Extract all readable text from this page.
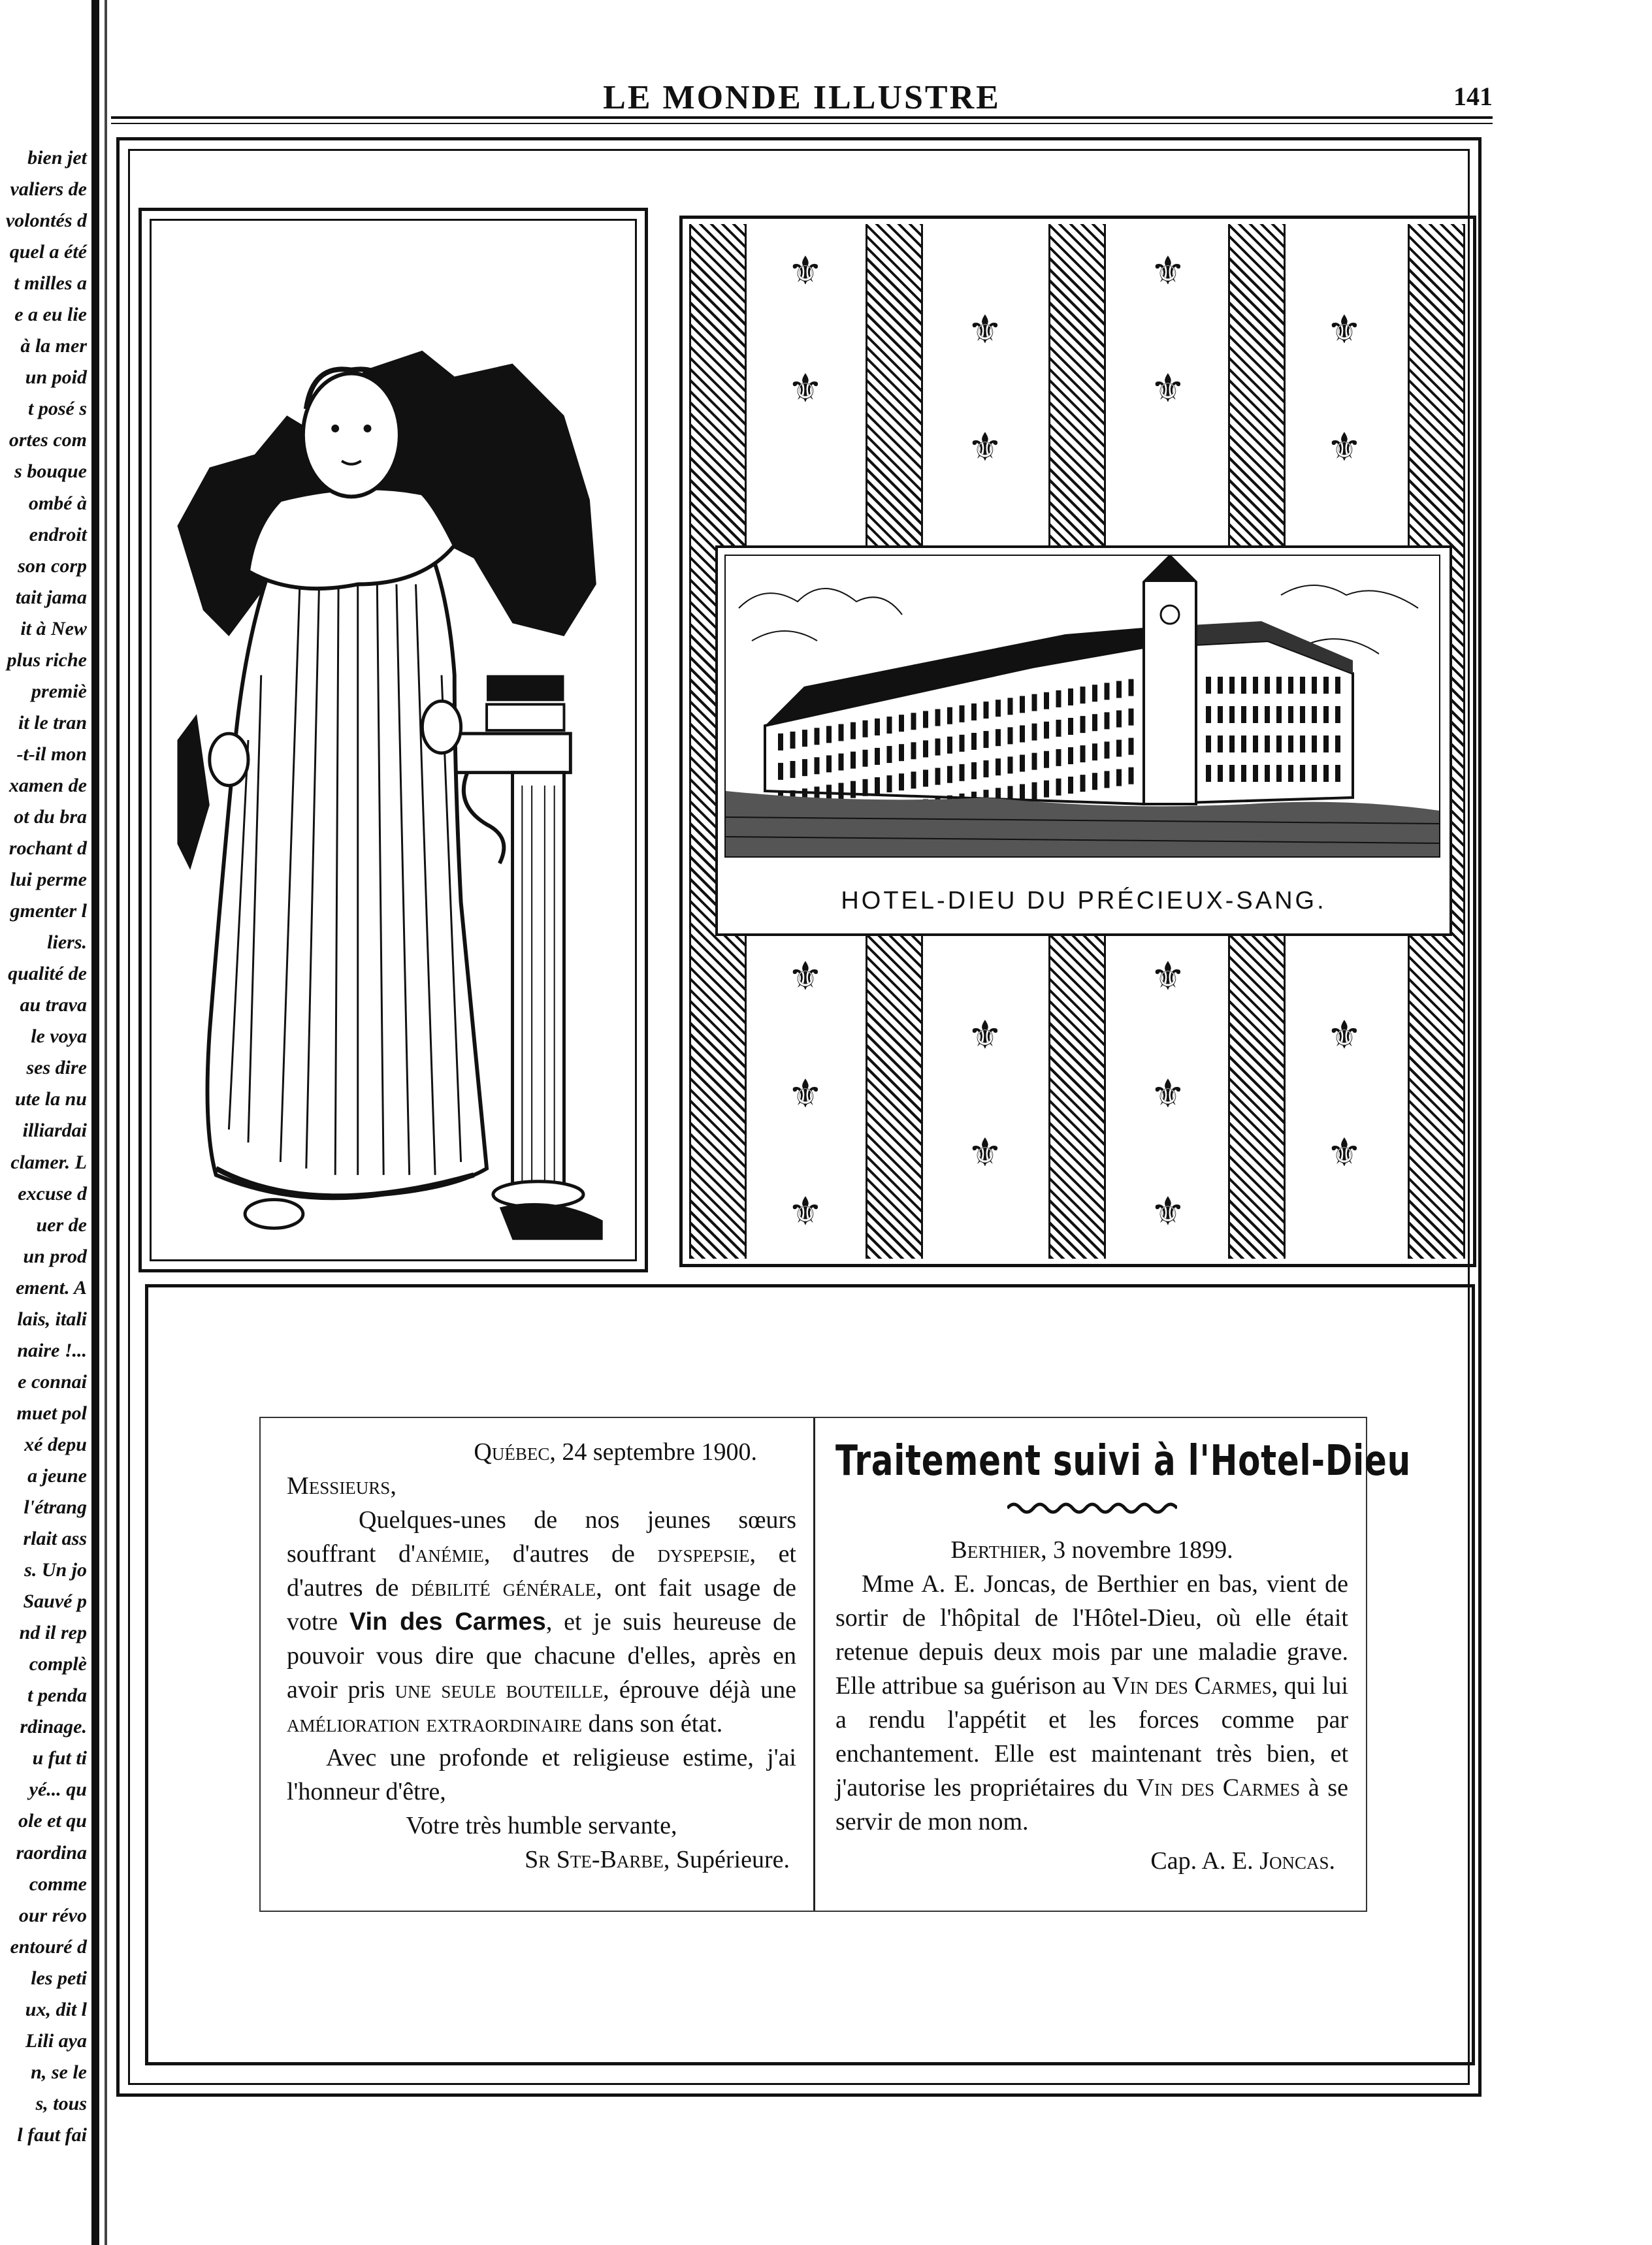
bien jet
valiers de
volontés d
quel a été
t milles a
e a eu lie
à la mer
un poid
t posé s
ortes com
s bouque
ombé à
endroit
son corp
tait jama
it à New
plus riche
premiè
it le tran
-t-il mon
xamen de
ot du bra
rochant d
lui perme
gmenter l
liers.
qualité de
au trava
le voya
ses dire
ute la nu
illiardai
clamer. L
excuse d
uer de
un prod
ement. A
lais, itali
naire !...
e connai
muet pol
xé depu
a jeune
l'étrang
rlait ass
s. Un jo
Sauvé p
nd il rep
complè
t penda
rdinage.
u fut ti
yé... qu
ole et qu
raordina
comme
our révo
entouré d
les peti
ux, dit l
Lili aya
n, se le
s, tous
l faut fai
LE MONDE ILLUSTRE	141
⚜
⚜
⚜
⚜
⚜
⚜
⚜
⚜
⚜
⚜
⚜
⚜
⚜
⚜
⚜
⚜
⚜
⚜
HOTEL-DIEU DU PRÉCIEUX-SANG.

Québec, 24 septembre 1900.

Messieurs,

Quelques-unes de nos jeunes sœurs souffrant d'anémie, d'autres de dyspepsie, et d'autres de débilité générale, ont fait usage de votre Vin des Carmes, et je suis heureuse de pouvoir vous dire que chacune d'elles, après en avoir pris une seule bouteille, éprouve déjà une amélioration extraordinaire dans son état.

Avec une profonde et religieuse estime, j'ai l'honneur d'être,

Votre très humble servante,

Sr Ste-Barbe, Supérieure.

Traitement suivi à l'Hotel-Dieu

Berthier, 3 novembre 1899.

Mme A. E. Joncas, de Berthier en bas, vient de sortir de l'hôpital de l'Hôtel-Dieu, où elle était retenue depuis deux mois par une maladie grave. Elle attribue sa guérison au Vin des Carmes, qui lui a rendu l'appétit et les forces comme par enchantement. Elle est maintenant très bien, et j'autorise les propriétaires du Vin des Carmes à se servir de mon nom.

Cap. A. E. Joncas.
